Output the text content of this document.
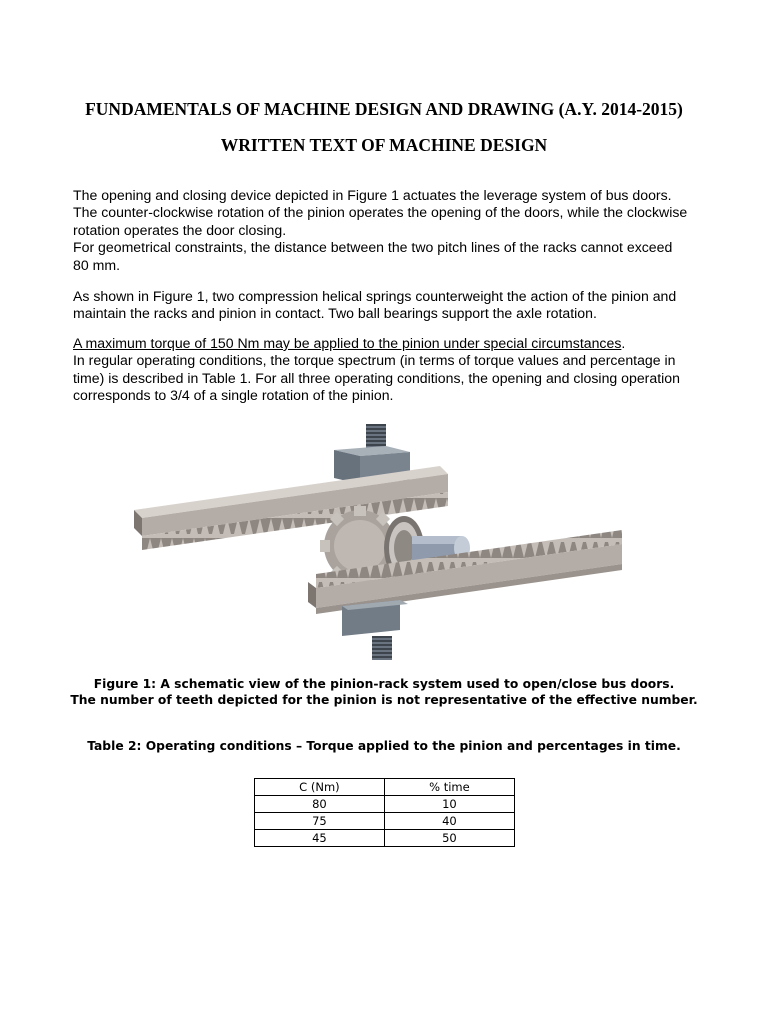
FUNDAMENTALS OF MACHINE DESIGN AND DRAWING (A.Y. 2014-2015)
WRITTEN TEXT OF MACHINE DESIGN

The opening and closing device depicted in Figure 1 actuates the leverage system of bus doors.
The counter-clockwise rotation of the pinion operates the opening of the doors, while the clockwise
rotation operates the door closing.
For geometrical constraints, the distance between the two pitch lines of the racks cannot exceed
80 mm.

As shown in Figure 1, two compression helical springs counterweight the action of the pinion and
maintain the racks and pinion in contact. Two ball bearings support the axle rotation.

A maximum torque of 150 Nm may be applied to the pinion under special circumstances.
In regular operating conditions, the torque spectrum (in terms of torque values and percentage in
time) is described in Table 1. For all three operating conditions, the opening and closing operation
corresponds to 3/4 of a single rotation of the pinion.

Figure 1: A schematic view of the pinion-rack system used to open/close bus doors.

The number of teeth depicted for the pinion is not representative of the effective number.

Table 2: Operating conditions – Torque applied to the pinion and percentages in time.

C (Nm)	% time
80	10
75	40
45	50
